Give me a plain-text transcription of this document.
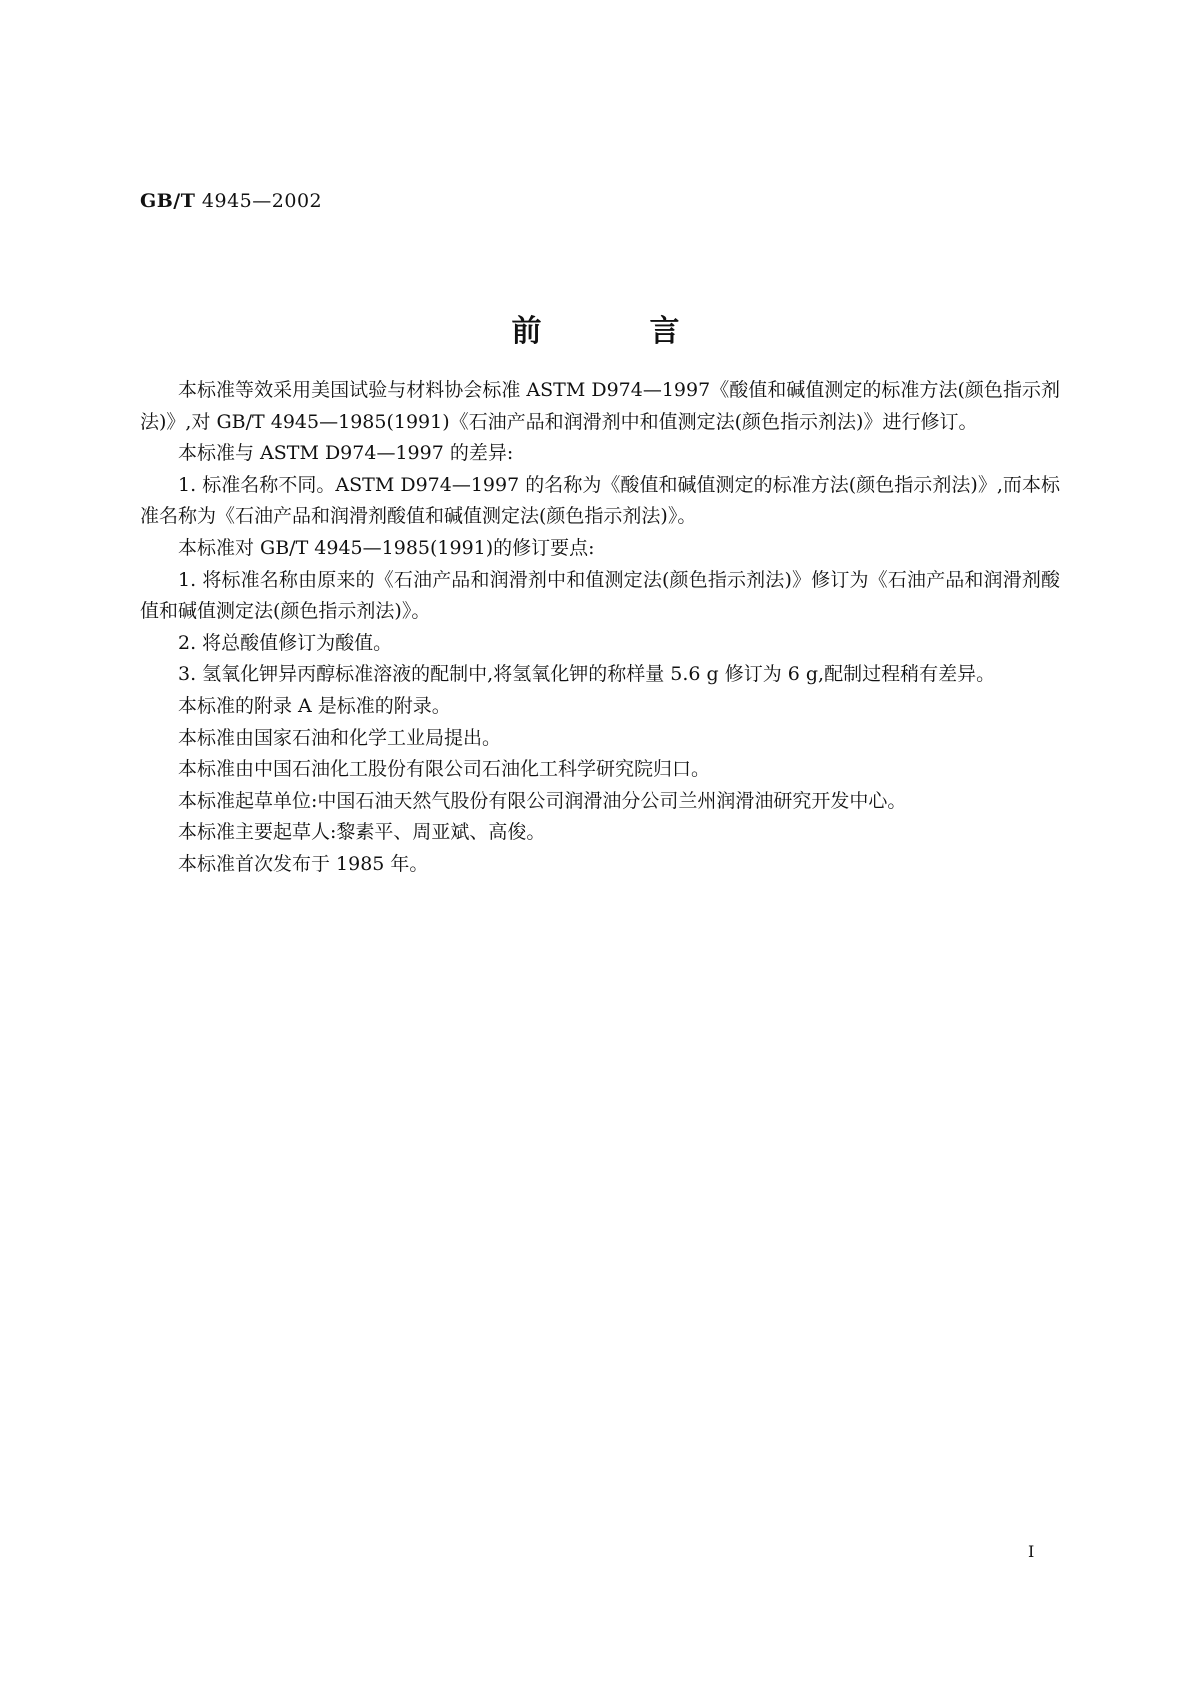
GB/T 4945—2002
前	言

本标准等效采用美国试验与材料协会标准 ASTM D974—1997《酸值和碱值测定的标准方法(颜色指示剂法)》,对 GB/T 4945—1985(1991)《石油产品和润滑剂中和值测定法(颜色指示剂法)》进行修订。

本标准与 ASTM D974—1997 的差异:

1. 标准名称不同。ASTM D974—1997 的名称为《酸值和碱值测定的标准方法(颜色指示剂法)》,而本标准名称为《石油产品和润滑剂酸值和碱值测定法(颜色指示剂法)》。

本标准对 GB/T 4945—1985(1991)的修订要点:

1. 将标准名称由原来的《石油产品和润滑剂中和值测定法(颜色指示剂法)》修订为《石油产品和润滑剂酸值和碱值测定法(颜色指示剂法)》。

2. 将总酸值修订为酸值。

3. 氢氧化钾异丙醇标准溶液的配制中,将氢氧化钾的称样量 5.6 g 修订为 6 g,配制过程稍有差异。

本标准的附录 A 是标准的附录。

本标准由国家石油和化学工业局提出。

本标准由中国石油化工股份有限公司石油化工科学研究院归口。

本标准起草单位:中国石油天然气股份有限公司润滑油分公司兰州润滑油研究开发中心。

本标准主要起草人:黎素平、周亚斌、高俊。

本标准首次发布于 1985 年。

I
